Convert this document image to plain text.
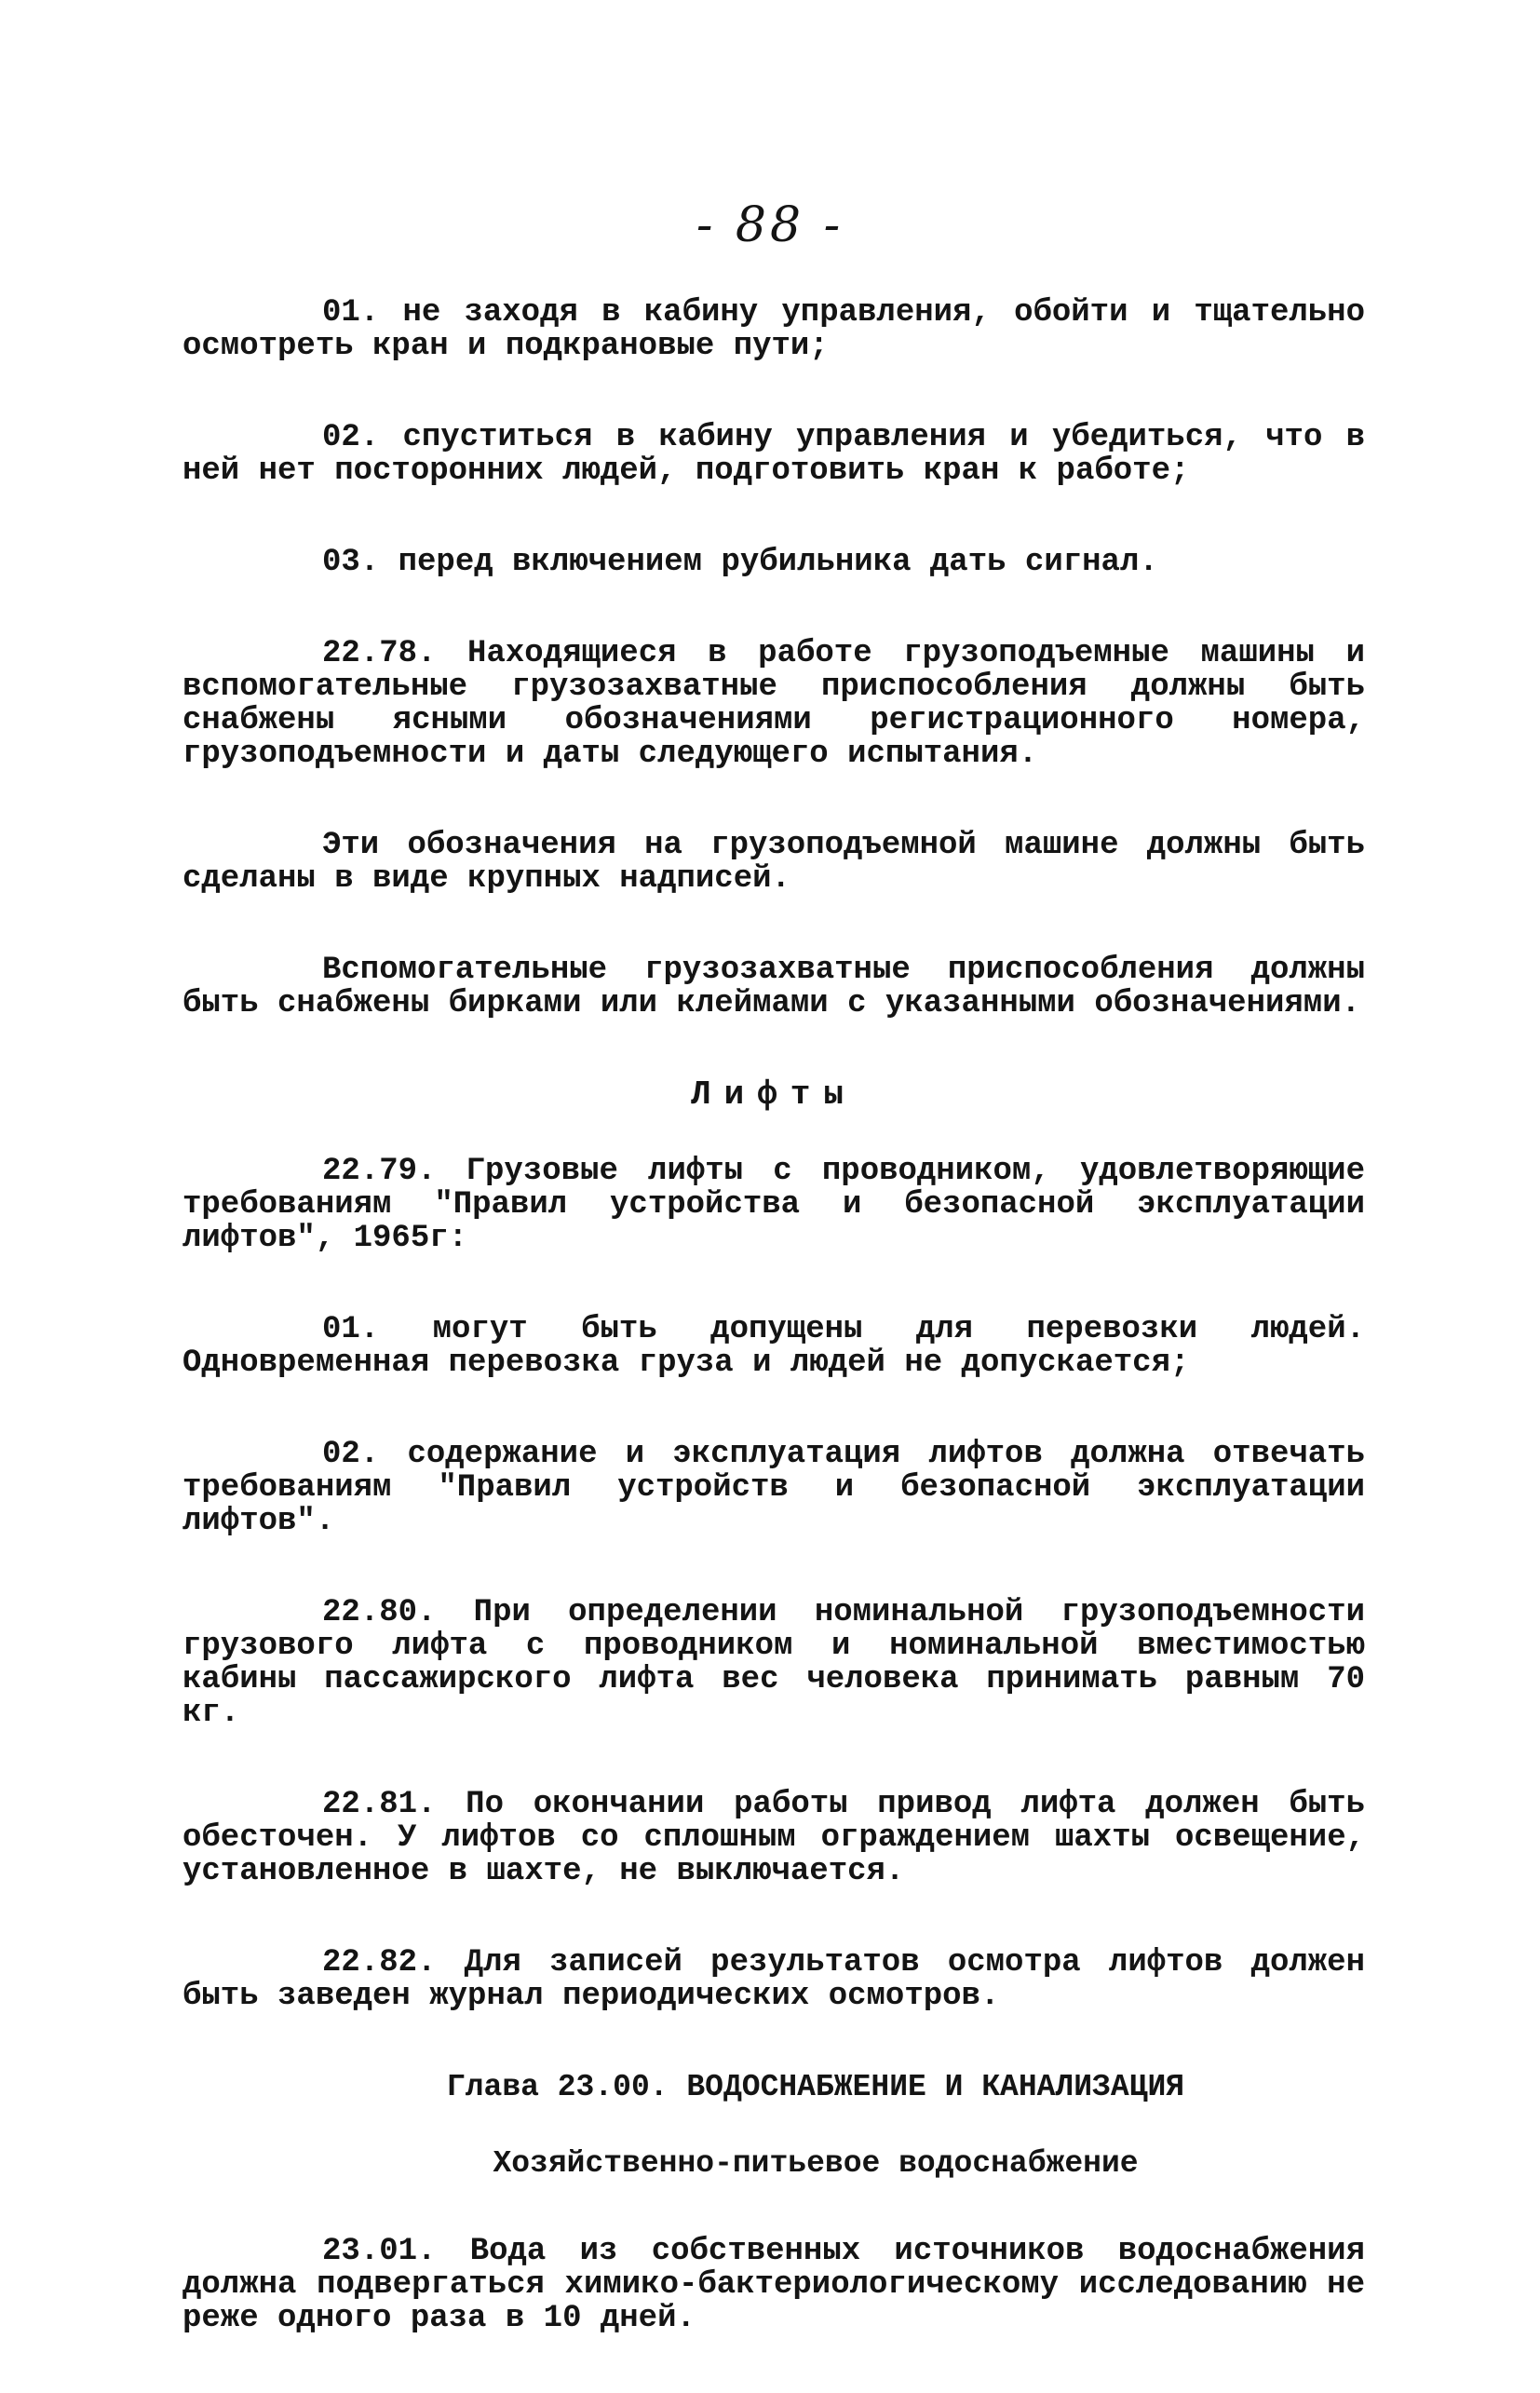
- 88 -

01. не заходя в кабину управления, обойти и тщательно осмотреть кран и подкрановые пути;

02. спуститься в кабину управления и убедиться, что в ней нет посторонних людей, подготовить кран к работе;

03. перед включением рубильника дать сигнал.

22.78. Находящиеся в работе грузоподъемные машины и вспомогательные грузозахватные приспособления должны быть снабжены ясными обозначениями регистрационного номера, грузоподъемности и даты следующего испытания.

Эти обозначения на грузоподъемной машине должны быть сделаны в виде крупных надписей.

Вспомогательные грузозахватные приспособления должны быть снабжены бирками или клеймами с указанными обозначениями.

Лифты

22.79. Грузовые лифты с проводником, удовлетворяющие требованиям "Правил устройства и безопасной эксплуатации лифтов", 1965г:

01. могут быть допущены для перевозки людей. Одновременная перевозка груза и людей не допускается;

02. содержание и эксплуатация лифтов должна отвечать требованиям "Правил устройств и безопасной эксплуатации лифтов".

22.80. При определении номинальной грузоподъемности грузового лифта с проводником и номинальной вместимостью кабины пассажирского лифта вес человека принимать равным 70 кг.

22.81. По окончании работы привод лифта должен быть обесточен. У лифтов со сплошным ограждением шахты освещение, установленное в шахте, не выключается.

22.82. Для записей результатов осмотра лифтов должен быть заведен журнал периодических осмотров.

Глава 23.00. ВОДОСНАБЖЕНИЕ И КАНАЛИЗАЦИЯ
Хозяйственно-питьевое водоснабжение

23.01. Вода из собственных источников водоснабжения должна подвергаться химико-бактериологическому исследованию не реже одного раза в 10 дней.
